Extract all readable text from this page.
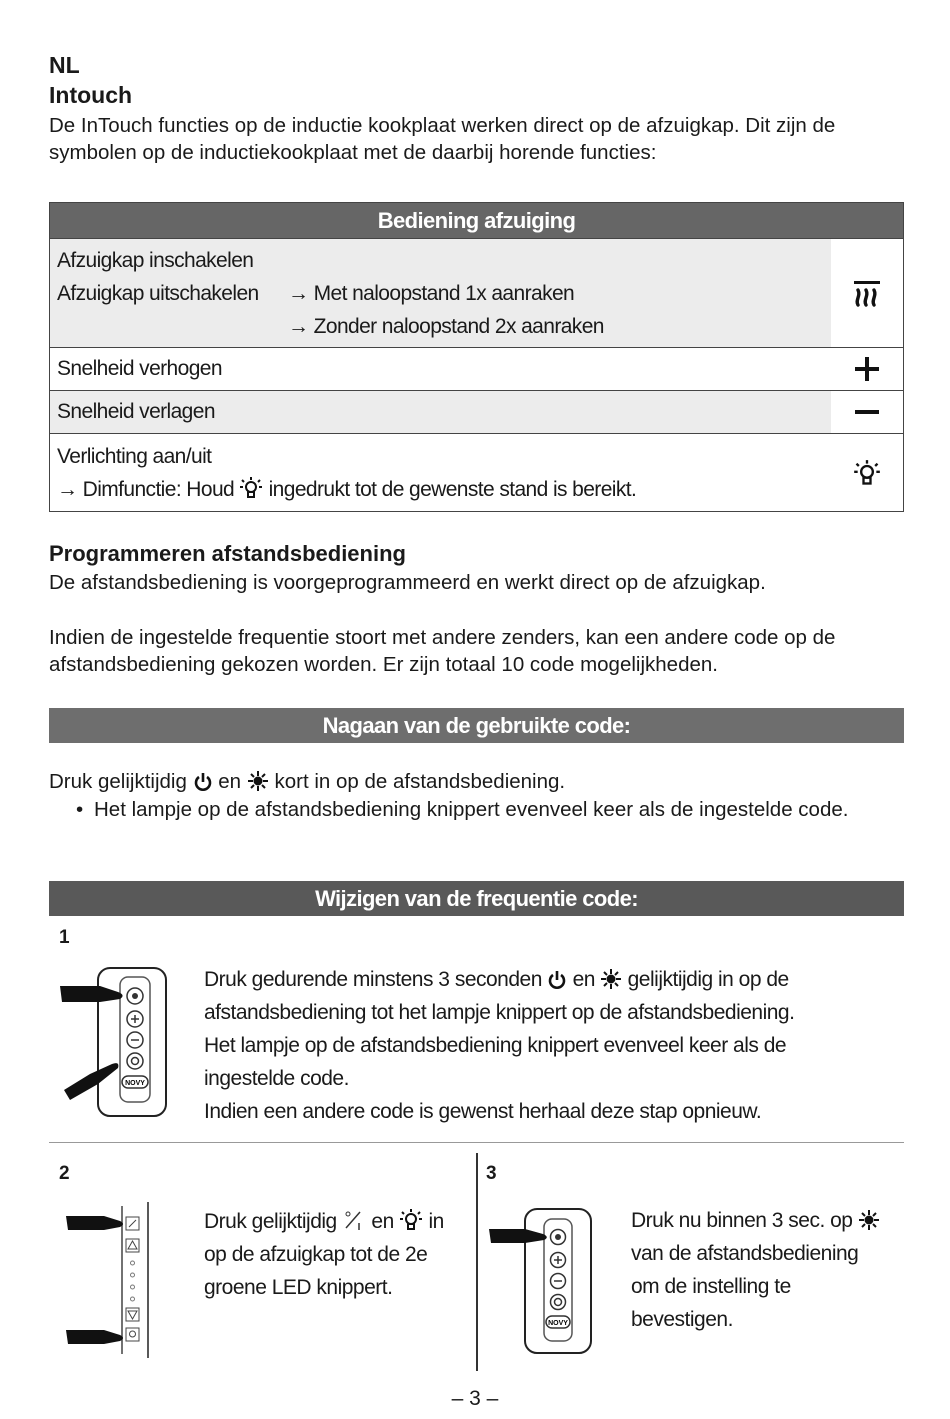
NL
Intouch
De InTouch functies op de inductie kookplaat werken direct op de afzuigkap. Dit zijn de symbolen op de inductiekookplaat met de daarbij horende functies:
Bediening afzuiging
Afzuigkap inschakelen
Afzuigkap uitschakelen → Met naloopstand 1x aanraken
→ Zonder naloopstand 2x aanraken
Snelheid verhogen
Snelheid verlagen
Verlichting aan/uit
→ Dimfunctie: Houd ingedrukt tot de gewenste stand is bereikt.
Programmeren afstandsbediening
De afstandsbediening is voorgeprogrammeerd en werkt direct op de afzuigkap.
Indien de ingestelde frequentie stoort met andere zenders, kan een andere code op de afstandsbediening gekozen worden. Er zijn totaal 10 code mogelijkheden.
Nagaan van de gebruikte code:
Druk gelijktijdig en kort in op de afstandsbediening.
• Het lampje op de afstandsbediening knippert evenveel keer als de ingestelde code.
Wijzigen van de frequentie code:
1
NOVY
Druk gedurende minstens 3 seconden en gelijktijdig in op de
afstandsbediening tot het lampje knippert op de afstandsbediening.
Het lampje op de afstandsbediening knippert evenveel keer als de
ingestelde code.
Indien een andere code is gewenst herhaal deze stap opnieuw.
2
Druk gelijktijdig en in
op de afzuigkap tot de 2e
groene LED knippert.
3
NOVY
Druk nu binnen 3 sec. op
van de afstandsbediening
om de instelling te
bevestigen.
– 3 –
